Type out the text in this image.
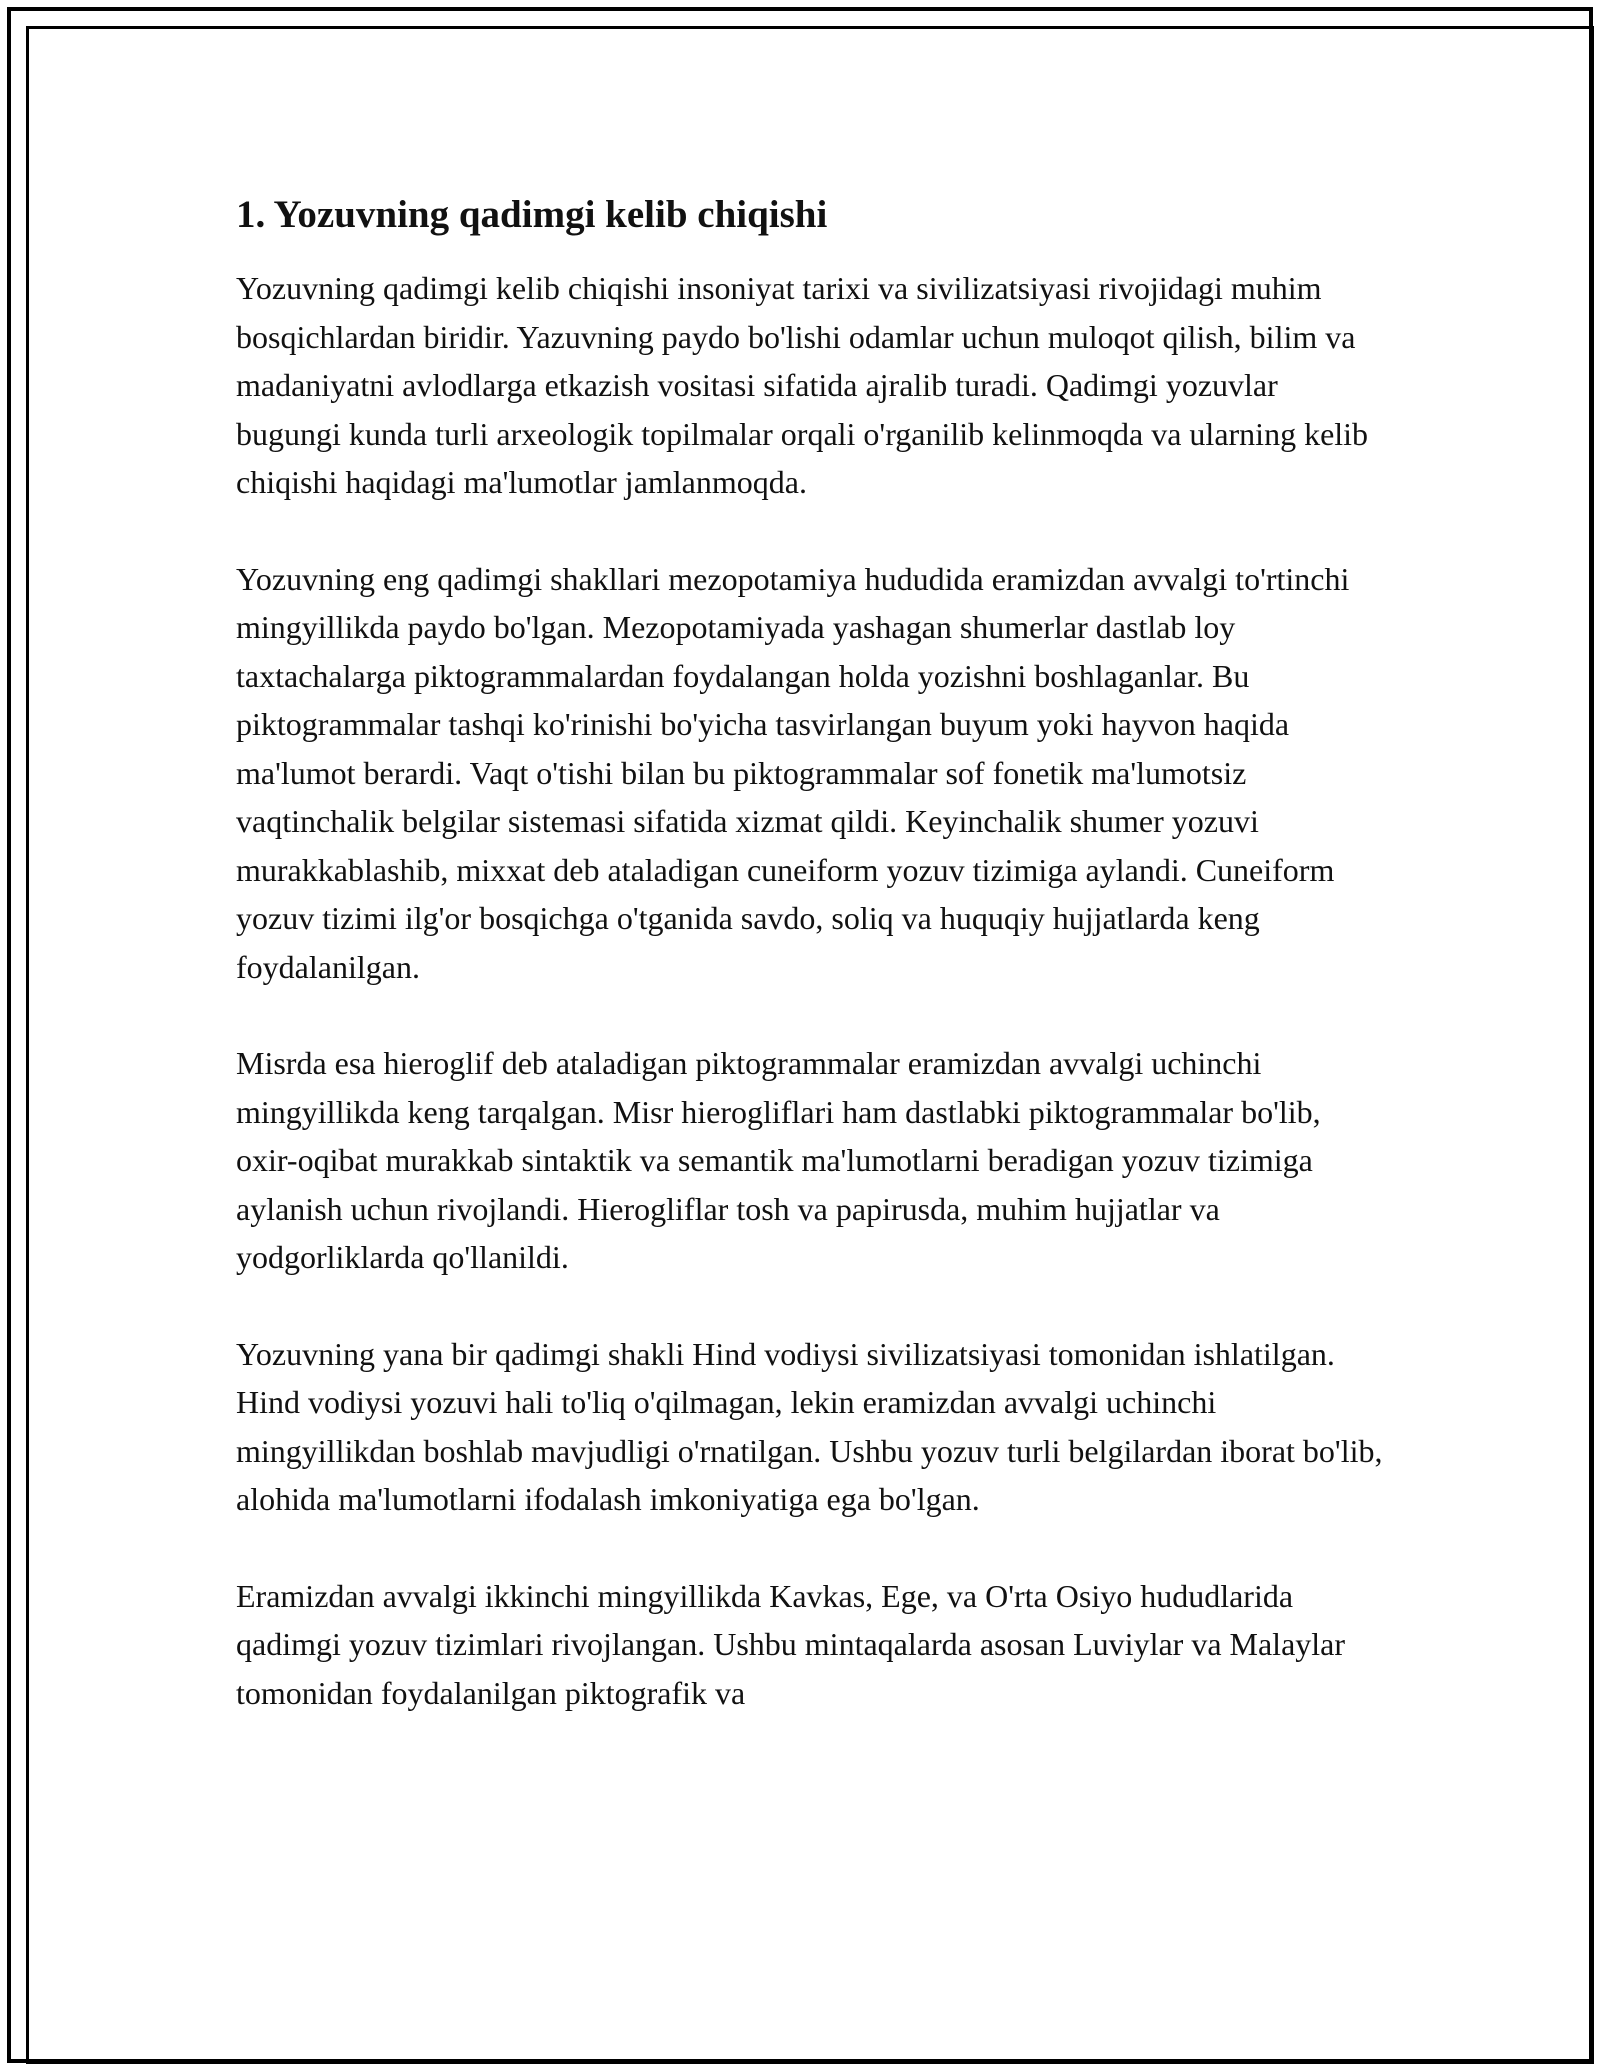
1. Yozuvning qadimgi kelib chiqishi

Yozuvning qadimgi kelib chiqishi insoniyat tarixi va sivilizatsiyasi rivojidagi muhim bosqichlardan biridir. Yazuvning paydo bo'lishi odamlar uchun muloqot qilish, bilim va madaniyatni avlodlarga etkazish vositasi sifatida ajralib turadi. Qadimgi yozuvlar bugungi kunda turli arxeologik topilmalar orqali o'rganilib kelinmoqda va ularning kelib chiqishi haqidagi ma'lumotlar jamlanmoqda.

Yozuvning eng qadimgi shakllari mezopotamiya hududida eramizdan avvalgi to'rtinchi mingyillikda paydo bo'lgan. Mezopotamiyada yashagan shumerlar dastlab loy taxtachalarga piktogrammalardan foydalangan holda yozishni boshlaganlar. Bu piktogrammalar tashqi ko'rinishi bo'yicha tasvirlangan buyum yoki hayvon haqida ma'lumot berardi. Vaqt o'tishi bilan bu piktogrammalar sof fonetik ma'lumotsiz vaqtinchalik belgilar sistemasi sifatida xizmat qildi. Keyinchalik shumer yozuvi murakkablashib, mixxat deb ataladigan cuneiform yozuv tizimiga aylandi. Cuneiform yozuv tizimi ilg'or bosqichga o'tganida savdo, soliq va huquqiy hujjatlarda keng foydalanilgan.

Misrda esa hieroglif deb ataladigan piktogrammalar eramizdan avvalgi uchinchi mingyillikda keng tarqalgan. Misr hierogliflari ham dastlabki piktogrammalar bo'lib, oxir-oqibat murakkab sintaktik va semantik ma'lumotlarni beradigan yozuv tizimiga aylanish uchun rivojlandi. Hierogliflar tosh va papirusda, muhim hujjatlar va yodgorliklarda qo'llanildi.

Yozuvning yana bir qadimgi shakli Hind vodiysi sivilizatsiyasi tomonidan ishlatilgan. Hind vodiysi yozuvi hali to'liq o'qilmagan, lekin eramizdan avvalgi uchinchi mingyillikdan boshlab mavjudligi o'rnatilgan. Ushbu yozuv turli belgilardan iborat bo'lib, alohida ma'lumotlarni ifodalash imkoniyatiga ega bo'lgan.

Eramizdan avvalgi ikkinchi mingyillikda Kavkas, Ege, va O'rta Osiyo hududlarida qadimgi yozuv tizimlari rivojlangan. Ushbu mintaqalarda asosan Luviylar va Malaylar tomonidan foydalanilgan piktografik va
